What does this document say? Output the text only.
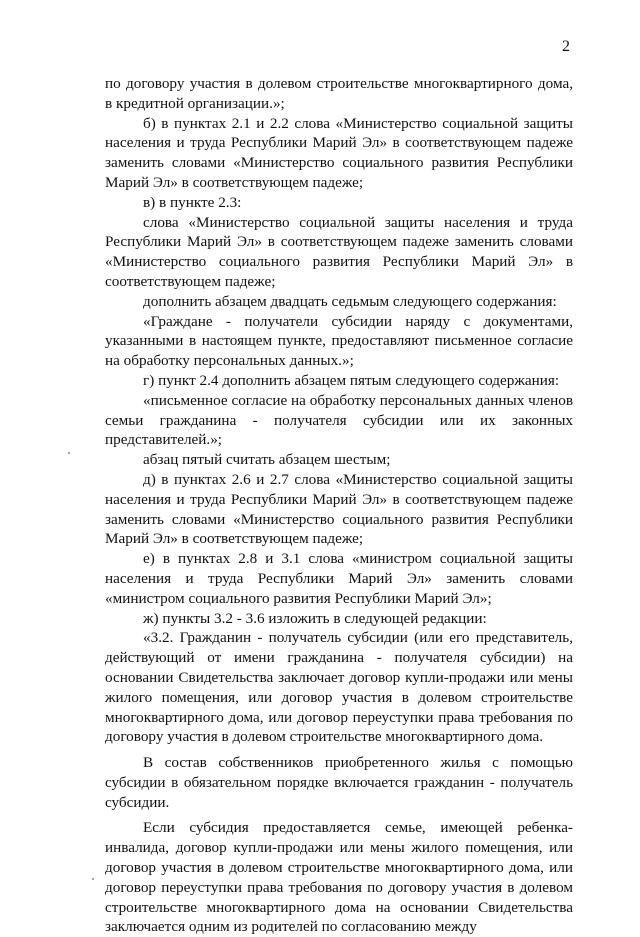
2

по договору участия в долевом строительстве многоквартирного дома, в кредитной организации.»;

б) в пунктах 2.1 и 2.2 слова «Министерство социальной защиты населения и труда Республики Марий Эл» в соответствующем падеже заменить словами «Министерство социального развития Республики Марий Эл» в соответствующем падеже;

в) в пункте 2.3:

слова «Министерство социальной защиты населения и труда Республики Марий Эл» в соответствующем падеже заменить словами «Министерство социального развития Республики Марий Эл» в соответствующем падеже;

дополнить абзацем двадцать седьмым следующего содержания:

«Граждане - получатели субсидии наряду с документами, указанными в настоящем пункте, предоставляют письменное согласие на обработку персональных данных.»;

г) пункт 2.4 дополнить абзацем пятым следующего содержания:

«письменное согласие на обработку персональных данных членов семьи гражданина - получателя субсидии или их законных представителей.»;

абзац пятый считать абзацем шестым;

д) в пунктах 2.6 и 2.7 слова «Министерство социальной защиты населения и труда Республики Марий Эл» в соответствующем падеже заменить словами «Министерство социального развития Республики Марий Эл» в соответствующем падеже;

е) в пунктах 2.8 и 3.1 слова «министром социальной защиты населения и труда Республики Марий Эл» заменить словами «министром социального развития Республики Марий Эл»;

ж) пункты 3.2 - 3.6 изложить в следующей редакции:

«3.2. Гражданин - получатель субсидии (или его представитель, действующий от имени гражданина - получателя субсидии) на основании Свидетельства заключает договор купли-продажи или мены жилого помещения, или договор участия в долевом строительстве многоквартирного дома, или договор переуступки права требования по договору участия в долевом строительстве многоквартирного дома.

В состав собственников приобретенного жилья с помощью субсидии в обязательном порядке включается гражданин - получатель субсидии.

Если субсидия предоставляется семье, имеющей ребенка-инвалида, договор купли-продажи или мены жилого помещения, или договор участия в долевом строительстве многоквартирного дома, или договор переуступки права требования по договору участия в долевом строительстве многоквартирного дома на основании Свидетельства заключается одним из родителей по согласованию между
